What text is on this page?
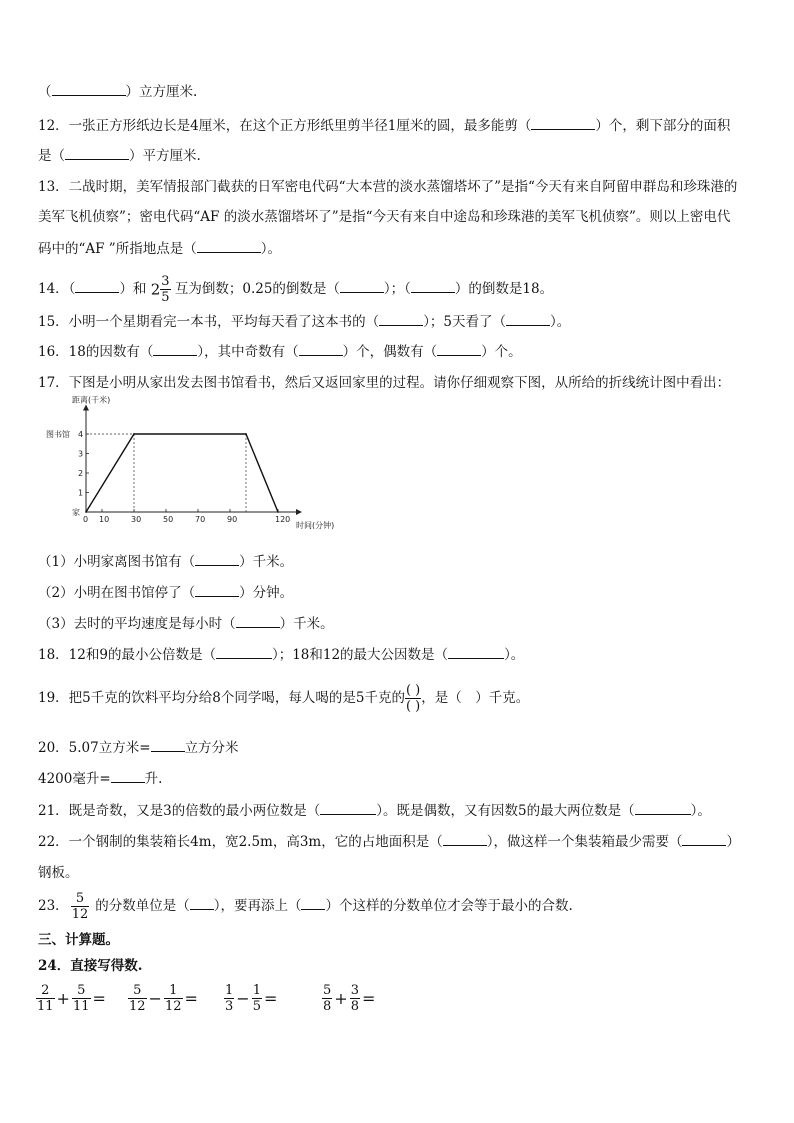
（	）立方厘米.
12．一张正方形纸边长是4厘米，在这个正方形纸里剪半径1厘米的圆，最多能剪（	）个，剩下部分的面积
是（	）平方厘米.
13．二战时期，美军情报部门截获的日军密电代码“大本营的淡水蒸馏塔坏了”是指“今天有来自阿留申群岛和珍珠港的
美军飞机侦察”；密电代码“AF 的淡水蒸馏塔坏了”是指“今天有来自中途岛和珍珠港的美军飞机侦察”。则以上密电代
码中的“AF ”所指地点是（	）。
14．（	）和 $2 \frac{3}{5}$ 互为倒数；0.25的倒数是（	）；（	）的倒数是18。
15．小明一个星期看完一本书，平均每天看了这本书的（	）；5天看了（	）。
16．18的因数有（	），其中奇数有（	）个，偶数有（	）个。
17．下图是小明从家出发去图书馆看书，然后又返回家里的过程。请你仔细观察下图，从所给的折线统计图中看出：
距离(千米)
时间(分钟)
0 10	30	50	70	90	120
1
2
3
4
图书馆
家
（1）小明家离图书馆有（	）千米。
（2）小明在图书馆停了（	）分钟。
（3）去时的平均速度是每小时（	）千米。
18．12和9的最小公倍数是（	）；18和12的最大公因数是（	）。
19．把5千克的饮料平均分给8个同学喝，每人喝的是5千克的 $\frac{( )}{( )}$ ，是（　）千克。
20．5.07立方米=	立方分米
4200毫升=	升.
21．既是奇数，又是3的倍数的最小两位数是（	）。既是偶数，又有因数5的最大两位数是（	）。
22．一个钢制的集装箱长4m，宽2.5m，高3m，它的占地面积是（	），做这样一个集装箱最少需要（	）
钢板。
23． $\frac{5}{12}$ 的分数单位是（ ），要再添上（ ）个这样的分数单位才会等于最小的合数.
三、计算题。
24．直接写得数.
$\frac{2}{11} + \frac{5}{11} = \frac{5}{12} - \frac{1}{12} = \frac{1}{3} - \frac{1}{5}$ =	$\frac{5}{8} + \frac{3}{8}$ =
